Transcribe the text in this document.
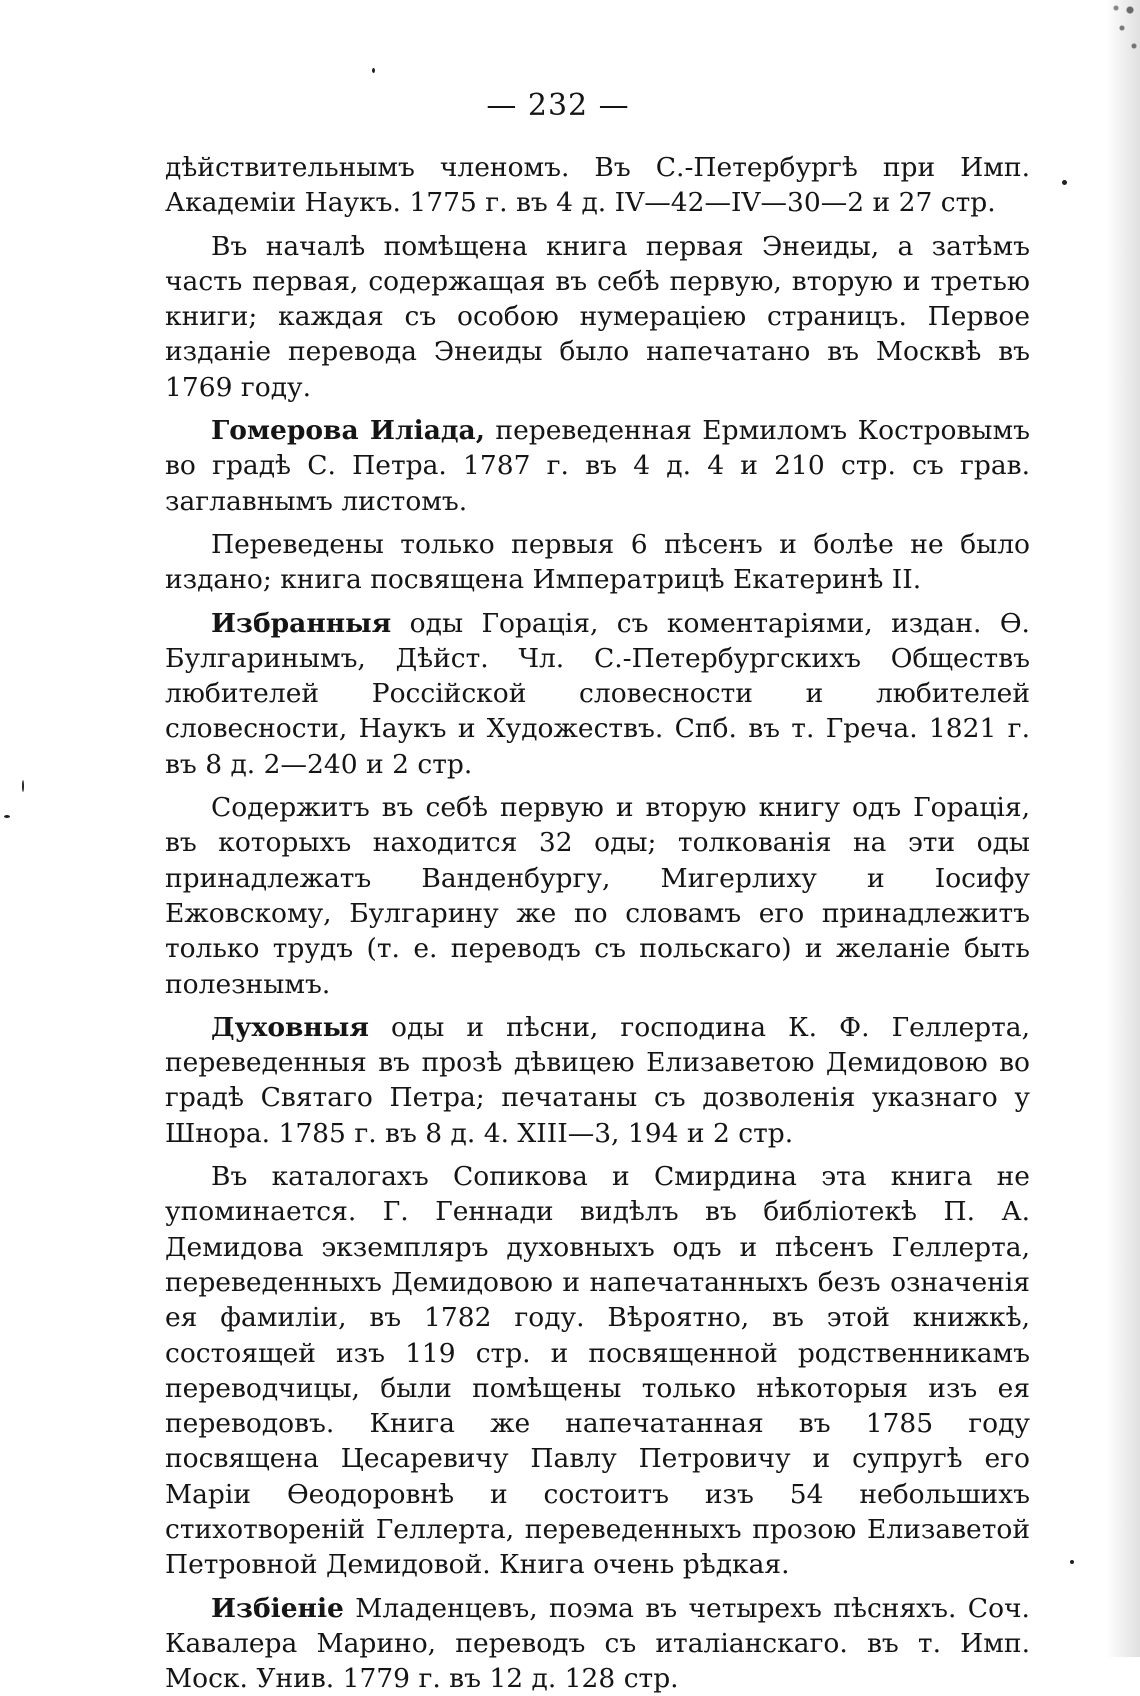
— 232 —

дѣйствительнымъ членомъ. Въ С.-Петербургѣ при Имп. Академіи Наукъ. 1775 г. въ 4 д. IV—42—IV—30—2 и 27 стр.

Въ началѣ помѣщена книга первая Энеиды, а затѣмъ часть первая, содержащая въ себѣ первую, вторую и третью книги; каждая съ особою нумераціею страницъ. Первое изданіе перевода Энеиды было напечатано въ Москвѣ въ 1769 году.

Гомерова Иліада, переведенная Ермиломъ Костровымъ во градѣ С. Петра. 1787 г. въ 4 д. 4 и 210 стр. съ грав. заглавнымъ листомъ.

Переведены только первыя 6 пѣсенъ и болѣе не было издано; книга посвящена Императрицѣ Екатеринѣ II.

Избранныя оды Горація, съ коментаріями, издан. Ѳ. Булгаринымъ, Дѣйст. Чл. С.-Петербургскихъ Обществъ любителей Россійской словесности и любителей словесности, Наукъ и Художествъ. Спб. въ т. Греча. 1821 г. въ 8 д. 2—240 и 2 стр.

Содержитъ въ себѣ первую и вторую книгу одъ Горація, въ которыхъ находится 32 оды; толкованія на эти оды принадлежатъ Ванденбургу, Мигерлиху и Іосифу Ежовскому, Булгарину же по словамъ его принадлежитъ только трудъ (т. е. переводъ съ польскаго) и желаніе быть полезнымъ.

Духовныя оды и пѣсни, господина К. Ф. Геллерта, переведенныя въ прозѣ дѣвицею Елизаветою Демидовою во градѣ Святаго Петра; печатаны съ дозволенія указнаго у Шнора. 1785 г. въ 8 д. 4. XIII—3, 194 и 2 стр.

Въ каталогахъ Сопикова и Смирдина эта книга не упоминается. Г. Геннади видѣлъ въ библіотекѣ П. А. Демидова экземпляръ духовныхъ одъ и пѣсенъ Геллерта, переведенныхъ Демидовою и напечатанныхъ безъ означенія ея фамиліи, въ 1782 году. Вѣроятно, въ этой книжкѣ, состоящей изъ 119 стр. и посвященной родственникамъ переводчицы, были помѣщены только нѣкоторыя изъ ея переводовъ. Книга же напечатанная въ 1785 году посвящена Цесаревичу Павлу Петровичу и супругѣ его Маріи Ѳеодоровнѣ и состоитъ изъ 54 небольшихъ стихотвореній Геллерта, переведенныхъ прозою Елизаветой Петровной Демидовой. Книга очень рѣдкая.

Избіеніе Младенцевъ, поэма въ четырехъ пѣсняхъ. Соч. Кавалера Марино, переводъ съ италіанскаго. въ т. Имп. Моск. Унив. 1779 г. въ 12 д. 128 стр.
